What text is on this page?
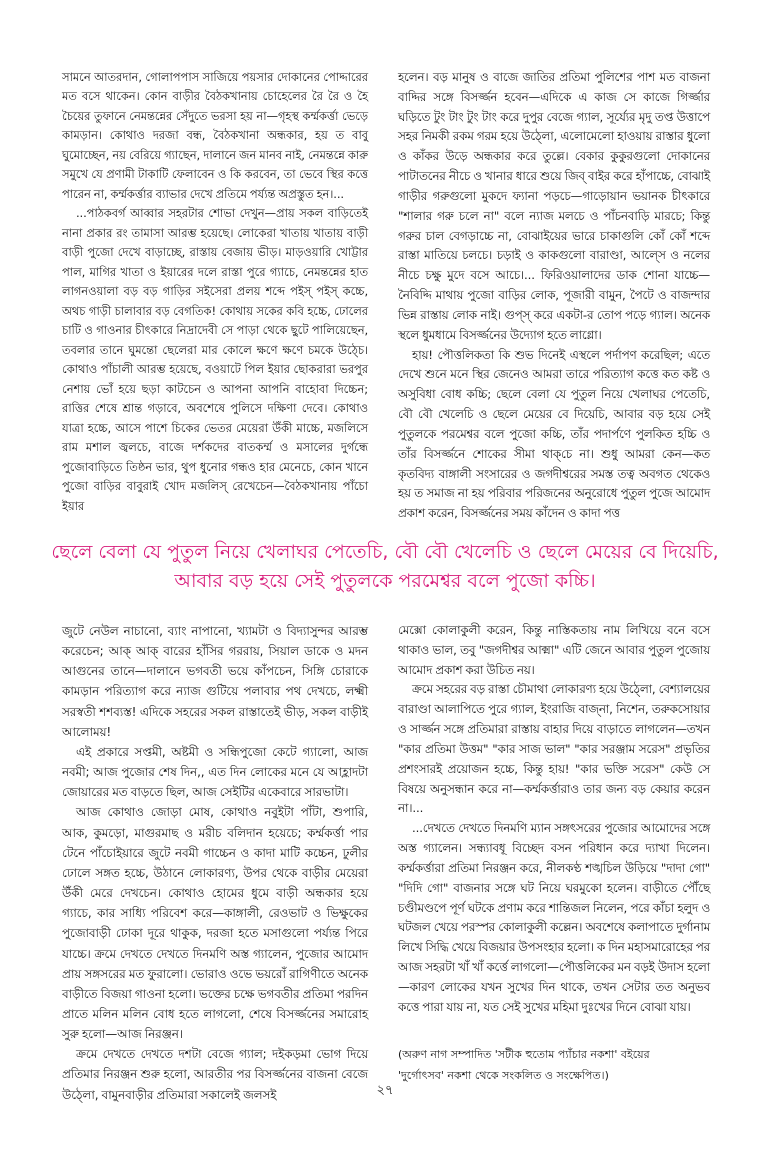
সামনে আতরদান, গোলাপপাস সাজিয়ে পয়সার দোকানের পোদ্দারের মত বসে থাকেন। কোন বাড়ীর বৈঠকখানায় চোহেলের রৈ রৈ ও হৈ চৈয়ের তুফানে নেমন্তন্নের সেঁদুতে ভরসা হয় না—গৃহস্থ কর্ম্মকর্ত্তা ভেড়ে কামড়ান। কোথাও দরজা বন্ধ, বৈঠকখানা অন্ধকার, হয় ত বাবু ঘুমোচ্ছেন, নয় বেরিয়ে গ্যাছেন, দালানে জন মানব নাই, নেমন্তন্নে কারু সমুখে যে প্রণামী টাকাটি ফেলাবেন ও কি করবেন, তা ভেবে স্থির কত্তে পারেন না, কর্ম্মকর্ত্তার ব্যাভার দেখে প্রতিমে পর্য্যন্ত অপ্রস্তুত হন।...

...পাঠকবর্গ আব্বার সহরটার শোভা দেখুন—প্রায় সকল বাড়িতেই নানা প্রকার রং তামাসা আরম্ভ হয়েছে। লোকেরা খাতায় খাতায় বাড়ী বাড়ী পুজো দেখে বাড়াচ্ছে, রাস্তায় বেজায় ভীড়। মাড়ওয়ারি খোট্টার পাল, মাগির খাতা ও ইয়ারের দলে রাস্তা পুরে গ্যাচে, নেমন্তন্নের হাত লাগনওয়ালা বড় বড় গাড়ির সইসেরা প্রলয় শব্দে পইস্ পইস্ কচ্চে, অথচ গাড়ী চালাবার বড় বেগতিক! কোথায় সকের কবি হচ্চে, ঢোলের চাটি ও গাওনার চীৎকারে নিদ্রাদেবী সে পাড়া থেকে ছুটে পালিয়েছেন, তবলার তানে ঘুমন্তো ছেলেরা মার কোলে ক্ষণে ক্ষণে চমকে উঠ্চে। কোথাও পাঁচালী আরম্ভ হয়েছে, বওয়াটে পিল ইয়ার ছোকরারা ভরপুর নেশায় ভোঁ হয়ে ছড়া কাটচেন ও আপনা আপনি বাহোবা দিচ্চেন; রাত্তির শেষে শ্রান্ত গড়াবে, অবশেষে পুলিসে দক্ষিণা দেবে। কোথাও যাত্রা হচ্চে, আসে পাশে চিকের ভেতর মেয়েরা উঁকী মাচ্চে, মজলিসে রাম মশাল জ্বলচে, বাজে দর্শকদের বাতকর্ম্ম ও মসালের দুর্গন্ধে পুজোবাড়িতে তিষ্ঠন ভার, থুপ ধুনোর গন্ধও হার মেনেচে, কোন খানে পুজো বাড়ির বাবুরাই খোদ মজলিস্ রেখেচেন—বৈঠকখানায় পাঁচো ইয়ার

হলেন। বড় মানুষ ও বাজে জাতির প্রতিমা পুলিশের পাশ মত বাজনা বাদ্দির সঙ্গে বিসর্জ্জন হবেন—এদিকে এ কাজ সে কাজে গির্জ্জার ঘড়িতে টুং টাং টুং টাং করে দুপুর বেজে গ্যাল, সূর্য্যের মৃদু তপ্ত উত্তাপে সহর নিমকী রকম গরম হয়ে উঠ্লো, এলোমেলো হাওয়ায় রাস্তার ধুলো ও কাঁকর উড়ে অন্ধকার করে তুল্লে। বেকার কুকুরগুলো দোকানের পাটাতনের নীচে ও খানার ধারে শুয়ে জিব্ বাইর করে হাঁপাচ্চে, বোঝাই গাড়ীর গরুগুলো মুকদে ফ্যানা পড়চে—গাড়োয়ান ভয়ানক চীৎকারে "শালার গরু চলে না" বলে ন্যাজ মলচে ও পাঁচনবাড়ি মারচে; কিন্তু গরুর চাল বেগড়াচ্চে না, বোঝাইয়ের ভারে চাকাগুলি কোঁ কোঁ শব্দে রাস্তা মাতিয়ে চলচে। চড়াই ও কাকগুলো বারাণ্ডা, আল্সে ও নলের নীচে চক্ষু মুদে বসে আচে।... ফিরিওয়ালাদের ডাক শোনা যাচ্চে—নৈবিদ্দি মাথায় পুজো বাড়ির লোক, পূজারী বামুন, পৈটে ও বাজন্দার ভিন্ন রাস্তায় লোক নাই। গুপ্স্ করে একটা-র তোপ পড়ে গ্যাল। অনেক স্থলে ধুমধামে বিসর্জ্জনের উদ্যোগ হতে লাগ্লো।

হায়! পৌত্তলিকতা কি শুভ দিনেই এস্থলে পর্দাপণ করেছিল; এতে দেখে শুনে মনে স্থির জেনেও আমরা তারে পরিত্যাগ কত্তে কত কষ্ট ও অসুবিধা বোধ কচ্চি; ছেলে বেলা যে পুতুল নিয়ে খেলাঘর পেতেচি, বৌ বৌ খেলেচি ও ছেলে মেয়ের বে দিয়েচি, আবার বড় হয়ে সেই পুতুলকে পরমেশ্বর বলে পুজো কচ্চি, তাঁর পদার্পণে পুলকিত হচ্চি ও তাঁর বিসর্জ্জনে শোকের সীমা থাক্‌চে না। শুধু আমরা কেন—কত কৃতবিদ্য বাঙ্গালী সংসারের ও জগদীশ্বরের সমস্ত তত্ব অবগত থেকেও হয় ত সমাজ না হয় পরিবার পরিজনের অনুরোধে পুতুল পুজে আমোদ প্রকাশ করেন, বিসর্জ্জনের সময় কাঁদেন ও কাদা পত্ত

ছেলে বেলা যে পুতুল নিয়ে খেলাঘর পেতেচি, বৌ বৌ খেলেচি ও ছেলে মেয়ের বে দিয়েচি,
আবার বড় হয়ে সেই পুতুলকে পরমেশ্বর বলে পুজো কচ্চি।

জুটে নেউল নাচানো, ব্যাং নাপানো, খ্যামটা ও বিদ্যাসুন্দর আরম্ভ করেচেন; আক্ আক্ বারের হাঁসির গররায়, সিয়াল ডাকে ও মদন আগুনের তানে—দালানে ভগবতী ভয়ে কাঁপচেন, সিঙ্গি চোরাকে কামড়ান পরিত্যাগ করে ন্যাজ গুটিয়ে পলাবার পথ দেখচে, লক্ষ্মী সরস্বতী শশব্যস্ত! এদিকে সহরের সকল রাস্তাতেই ভীড়, সকল বাড়ীই আলোময়!

এই প্রকারে সপ্তমী, অষ্টমী ও সন্ধিপুজো কেটে গ্যালো, আজ নবমী; আজ পুজোর শেষ দিন,, এত দিন লোকের মনে যে আহ্লাদটা জোয়ারের মত বাড়তে ছিল, আজ সেইটির একেবারে সারভাটা।

আজ কোথাও জোড়া মোষ, কোথাও নবুইটা পাঁটা, শুপারি, আক, কুমড়ো, মাগুরমাছ ও মরীচ বলিদান হয়েচে; কর্ম্মকর্ত্তা পার টেনে পাঁচোইয়ারে জুটে নবমী গাচ্চেন ও কাদা মাটি কচ্চেন, ঢুলীর ঢোলে সঙ্গত হচ্চে, উঠানে লোকারণ্য, উপর থেকে বাড়ীর মেয়েরা উঁকী মেরে দেখচেন। কোথাও হোমের ধুমে বাড়ী অন্ধকার হয়ে গ্যাচে, কার সাধ্যি পরিবেশ করে—কাঙ্গালী, রেওভাট ও ভিক্ষুকের পুজোবাড়ী ঢোকা দূরে থাকুক, দরজা হতে মসাগুলো পর্য্যন্ত পিরে যাচ্চে। ক্রমে দেখতে দেখতে দিনমণি অস্ত গ্যালেন, পুজোর আমোদ প্রায় সঙ্গসরের মত ফুরালো। ভোরাও ওভে ভয়রোঁ রাগিণীতে অনেক বাড়ীতে বিজয়া গাওনা হলো। ভক্তের চক্ষে ভগবতীর প্রতিমা পরদিন প্রাতে মলিন মলিন বোধ হতে লাগলো, শেষে বিসর্জ্জনের সমারোহ সুরু হলো—আজ নিরঞ্জন।

ক্রমে দেখতে দেখতে দশটা বেজে গ্যাল; দইকড়মা ভোগ দিয়ে প্রতিমার নিরঞ্জন শুরু হলো, আরতীর পর বিসর্জ্জনের বাজনা বেজে উঠ্লো, বামুনবাড়ীর প্রতিমারা সকালেই জলসই

মেক্সো কোলাকুলী করেন, কিন্তু নাস্তিকতায় নাম লিখিয়ে বনে বসে থাকাও ভাল, তবু "জগদীশ্বর আক্মা" এটি জেনে আবার পুতুল পুজোয় আমোদ প্রকাশ করা উচিত নয়।

ক্রমে সহরের বড় রাস্তা চৌমাথা লোকারণ্য হয়ে উঠ্লো, বেশ্যালয়ের বারাণ্ডা আলাপিতে পুরে গ্যাল, ইংরাজি বাজ্না, নিশেন, তরুকসোয়ার ও সার্জ্জন সঙ্গে প্রতিমারা রাস্তায় বাহার দিয়ে বাড়াতে লাগলেন—তখন "কার প্রতিমা উত্তম" "কার সাজ ভাল" "কার সরঞ্জাম সরেস" প্রভৃতির প্রশংসারই প্রয়োজন হচ্চে, কিন্তু হায়! "কার ভক্তি সরেস" কেউ সে বিষয়ে অনুসন্ধান করে না—কর্ম্মকর্ত্তারাও তার জন্য বড় কেয়ার করেন না।...

...দেখতে দেখতে দিনমণি ম্যান সঙ্গৎসরের পুজোর আমোদের সঙ্গে অস্ত গ্যালেন। সন্ধ্যাবধূ বিচ্ছেদ বসন পরিধান করে দ্যাখা দিলেন। কর্ম্মকর্ত্তারা প্রতিমা নিরঞ্জন করে, নীলকণ্ঠ শঙ্খচিল উড়িয়ে "দাদা গো" "দিদি গো" বাজনার সঙ্গে ঘট নিয়ে ঘরমুকো হলেন। বাড়ীতে পৌঁছে চণ্ডীমণ্ডপে পূর্ণ ঘটকে প্রণাম করে শান্তিজল নিলেন, পরে কাঁচা হলুদ ও ঘটজল খেয়ে পরস্পর কোলাকুলী কল্লেন। অবশেষে কলাপাতে দুর্গানাম লিখে সিদ্ধি খেয়ে বিজয়ার উপসংহার হলো। ক দিন মহাসমারোহের পর আজ সহরটা খাঁ খাঁ কর্ত্তে লাগলো—পৌত্তলিকের মন বড়ই উদাস হলো—কারণ লোকের যখন সুখের দিন থাকে, তখন সেটার তত অনুভব কত্তে পারা যায় না, যত সেই সুখের মহিমা দুঃখের দিনে বোঝা যায়।

(অরুণ নাগ সম্পাদিত 'সটীক হুতোম প্যাঁচার নকশা' বইয়ের
'দুর্গোৎসব' নকশা থেকে সংকলিত ও সংক্ষেপিত।)
২৭
